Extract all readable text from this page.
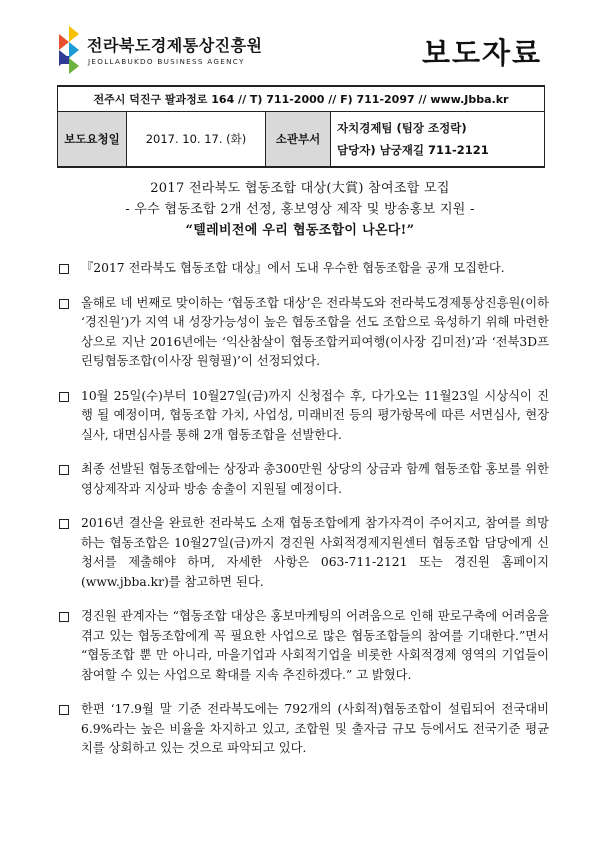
전라북도경제통상진흥원
JEOLLABUKDO BUSINESS AGENCY	보도자료
전주시 덕진구 팔과정로 164 // T) 711-2000 // F) 711-2097 // www.Jbba.kr
보도요청일	2017. 10. 17. (화)	소관부서	
자치경제팀 (팀장 조정락)
담당자) 남궁재길 711-2121
2017 전라북도 협동조합 대상(大賞) 참여조합 모집
- 우수 협동조합 2개 선정, 홍보영상 제작 및 방송홍보 지원 -
“텔레비전에 우리 협동조합이 나온다!”
『2017 전라북도 협동조합 대상』에서 도내 우수한 협동조합을 공개 모집한다.
올해로 네 번째로 맞이하는 ‘협동조합 대상’은 전라북도와 전라북도경제통상진흥원(이하 ‘경진원’)가 지역 내 성장가능성이 높은 협동조합을 선도 조합으로 육성하기 위해 마련한 상으로 지난 2016년에는 ‘익산참살이 협동조합커피여행(이사장 김미전)’과 ‘전북3D프린팅협동조합(이사장 원형필)’이 선정되었다.
10월 25일(수)부터 10월27일(금)까지 신청접수 후, 다가오는 11월23일 시상식이 진행 될 예정이며, 협동조합 가치, 사업성, 미래비전 등의 평가항목에 따른 서면심사, 현장실사, 대면심사를 통해 2개 협동조합을 선발한다.
최종 선발된 협동조합에는 상장과 총300만원 상당의 상금과 함께 협동조합 홍보를 위한 영상제작과 지상파 방송 송출이 지원될 예정이다.
2016년 결산을 완료한 전라북도 소재 협동조합에게 참가자격이 주어지고, 참여를 희망하는 협동조합은 10월27일(금)까지 경진원 사회적경제지원센터 협동조합 담당에게 신청서를 제출해야 하며, 자세한 사항은 063-711-2121 또는 경진원 홈페이지(www.jbba.kr)를 참고하면 된다.
경진원 관계자는 “협동조합 대상은 홍보마케팅의 어려움으로 인해 판로구축에 어려움을 겪고 있는 협동조합에게 꼭 필요한 사업으로 많은 협동조합들의 참여를 기대한다.”면서 “협동조합 뿐 만 아니라, 마을기업과 사회적기업을 비롯한 사회적경제 영역의 기업들이 참여할 수 있는 사업으로 확대를 지속 추진하겠다.” 고 밝혔다.
한편 ‘17.9월 말 기준 전라북도에는 792개의 (사회적)협동조합이 설립되어 전국대비 6.9%라는 높은 비율을 차지하고 있고, 조합원 및 출자금 규모 등에서도 전국기준 평균치를 상회하고 있는 것으로 파악되고 있다.
